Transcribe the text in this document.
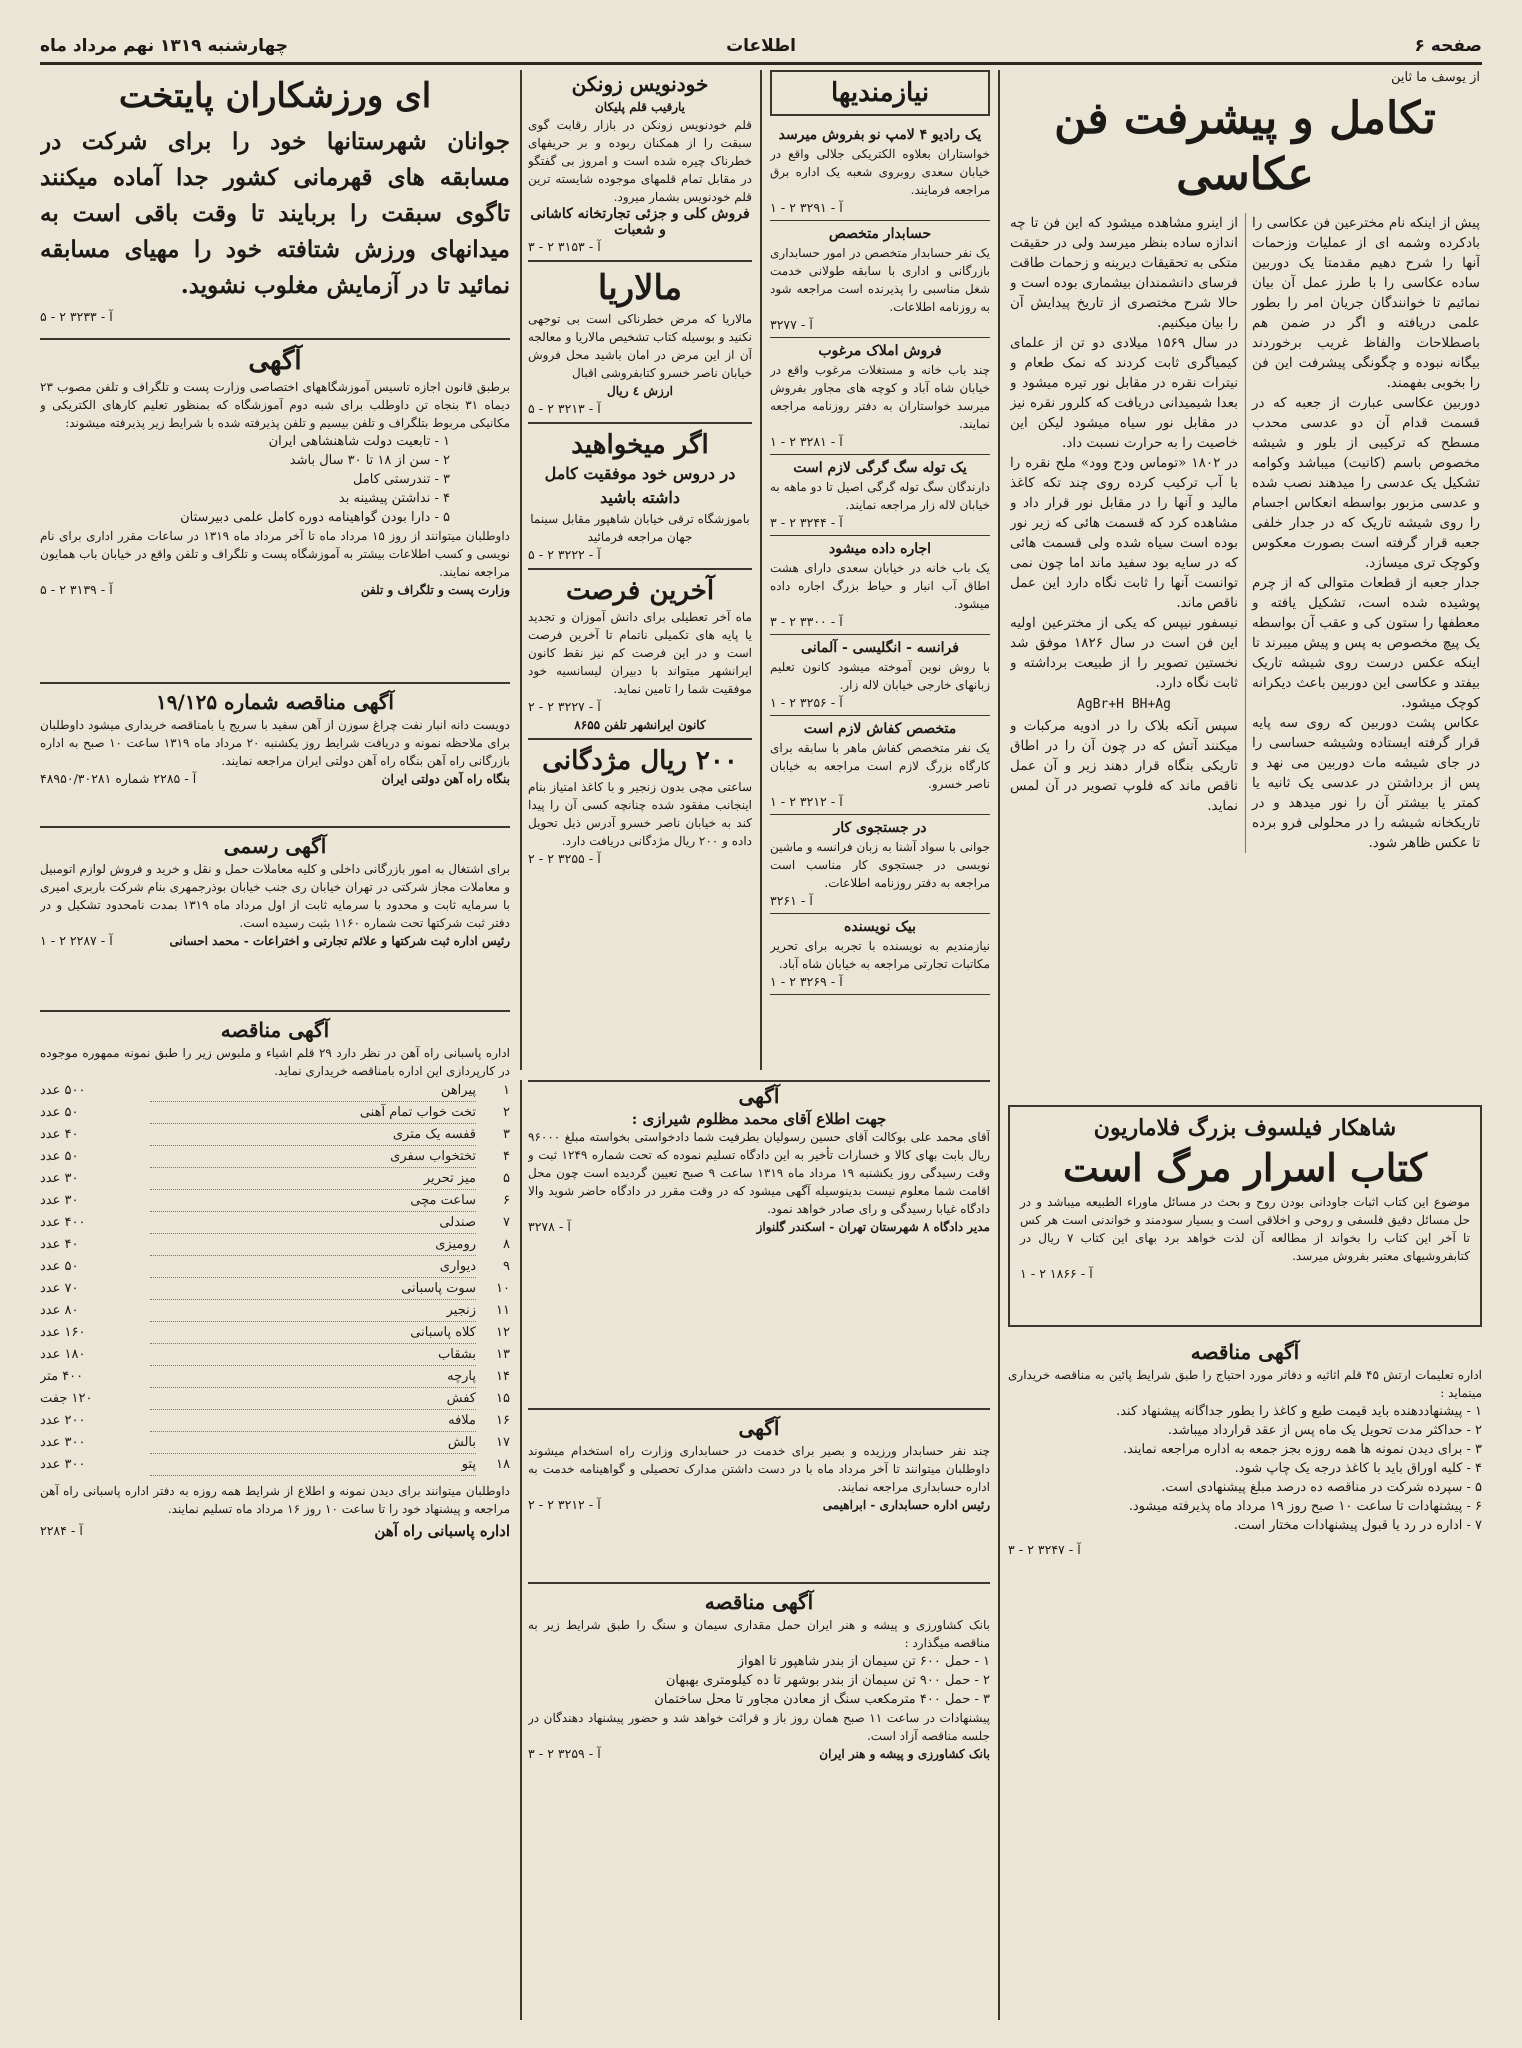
صفحه ۶
اطلاعات
چهارشنبه ۱۳۱۹ نهم مرداد ماه
از یوسف ما ثاین
تکامل و پیشرفت فن عکاسی

پیش از اینکه نام مخترعین فن عکاسی را بادکرده وشمه ای از عملیات وزحمات آنها را شرح دهیم مقدمتا یک دوربین ساده عکاسی را با طرز عمل آن بیان نمائیم تا خوانندگان جریان امر را بطور علمی دریافته و اگر در ضمن هم باصطلاحات والفاظ غریب برخوردند بیگانه نبوده و چگونگی پیشرفت این فن را بخوبی بفهمند.

دوربین عکاسی عبارت از جعبه که در قسمت قدام آن دو عدسی محدب مسطح که ترکیبی از بلور و شیشه مخصوص باسم (کانیت) میباشد وکوامه تشکیل یک عدسی را میدهند نصب شده و عدسی مزبور بواسطه انعکاس اجسام را روی شیشه تاریک که در جدار خلفی جعبه قرار گرفته است بصورت معکوس وکوچک تری میسازد.

جدار جعبه از قطعات متوالی که از چرم پوشیده شده است، تشکیل یافته و معطفها را ستون کی و عقب آن بواسطه یک پیچ مخصوص به پس و پیش میبرند تا اینکه عکس درست روی شیشه تاریک بیفتد و عکاسی این دوربین باعث دیکرانه کوچک میشود.

عکاس پشت دوربین که روی سه پایه قرار گرفته ایستاده وشیشه حساسی را در جای شیشه مات دوربین می نهد و پس از برداشتن در عدسی یک ثانیه یا کمتر یا بیشتر آن را نور میدهد و در تاریکخانه شیشه را در محلولی فرو برده تا عکس ظاهر شود.

از اینرو مشاهده میشود که این فن تا چه اندازه ساده بنظر میرسد ولی در حقیقت متکی به تحقیقات دیرینه و زحمات طاقت فرسای دانشمندان بیشماری بوده است و حالا شرح مختصری از تاریخ پیدایش آن را بیان میکنیم.

در سال ۱۵۶۹ میلادی دو تن از علمای کیمیاگری ثابت کردند که نمک طعام و نیترات نقره در مقابل نور تیره میشود و بعدا شیمیدانی دریافت که کلرور نقره نیز در مقابل نور سیاه میشود لیکن این خاصیت را به حرارت نسبت داد.

در ۱۸۰۲ «توماس ودج وود» ملح نقره را با آب ترکیب کرده روی چند تکه کاغذ مالید و آنها را در مقابل نور قرار داد و مشاهده کرد که قسمت هائی که زیر نور بوده است سیاه شده ولی قسمت هائی که در سایه بود سفید ماند اما چون نمی توانست آنها را ثابت نگاه دارد این عمل ناقص ماند.

نیسفور نیپس که یکی از مخترعین اولیه این فن است در سال ۱۸۲۶ موفق شد نخستین تصویر را از طبیعت برداشته و ثابت نگاه دارد.

AgBr+H BH+Ag

سپس آنکه بلاک را در ادویه مرکبات و میکنند آتش که در چون آن را در اطاق تاریکی بنگاه قرار دهند زیر و آن عمل ناقص ماند که فلوپ تصویر در آن لمس نماید.

نیازمندیها
یک رادیو ۴ لامپ نو بفروش میرسد

خواستاران بعلاوه الکتریکی جلالی واقع در خیابان سعدی روبروی شعبه یک اداره برق مراجعه فرمایند.

آ - ۳۲۹۱ ۲ - ۱
حسابدار متخصص

یک نفر حسابدار متخصص در امور حسابداری بازرگانی و اداری با سابقه طولانی خدمت شغل مناسبی را پذیرنده است مراجعه شود به روزنامه اطلاعات.

آ - ۳۲۷۷
فروش املاک مرغوب

چند باب خانه و مستغلات مرغوب واقع در خیابان شاه آباد و کوچه های مجاور بفروش میرسد خواستاران به دفتر روزنامه مراجعه نمایند.

آ - ۳۲۸۱ ۲ - ۱
یک توله سگ گرگی لازم است

دارندگان سگ توله گرگی اصیل تا دو ماهه به خیابان لاله زار مراجعه نمایند.

آ - ۳۲۴۴ ۲ - ۳
اجاره داده میشود

یک باب خانه در خیابان سعدی دارای هشت اطاق آب انبار و حیاط بزرگ اجاره داده میشود.

آ - ۳۳۰۰ ۲ - ۳
فرانسه - انگلیسی - آلمانی

با روش نوین آموخته میشود کانون تعلیم زبانهای خارجی خیابان لاله زار.

آ - ۳۲۵۶ ۲ - ۱
متخصص کفاش لازم است

یک نفر متخصص کفاش ماهر با سابقه برای کارگاه بزرگ لازم است مراجعه به خیابان ناصر خسرو.

آ - ۳۲۱۲ ۲ - ۱
در جستجوی کار

جوانی با سواد آشنا به زبان فرانسه و ماشین نویسی در جستجوی کار مناسب است مراجعه به دفتر روزنامه اطلاعات.

آ - ۳۲۶۱
بیک نویسنده

نیازمندیم به نویسنده با تجربه برای تحریر مکاتبات تجارتی مراجعه به خیابان شاه آباد.

آ - ۳۲۶۹ ۲ - ۱
خودنویس زونکن
یارقیب قلم پلیکان

قلم خودنویس زونکن در بازار رقابت گوی سبقت را از همکنان ربوده و بر حریفهای خطرناک چیره شده است و امروز بی گفتگو در مقابل تمام قلمهای موجوده شایسته ترین قلم خودنویس بشمار میرود.

فروش کلی و جزئی تجارتخانه کاشانی و شعبات
آ - ۳۱۵۳ ۲ - ۳
مالاریا

مالاریا که مرض خطرناکی است بی توجهی نکنید و بوسیله کتاب تشخیص مالاریا و معالجه آن از این مرض در امان باشید محل فروش خیابان ناصر خسرو کتابفروشی اقبال

ارزش ٤ ریال
آ - ۳۲۱۳ ۲ - ۵
اگر میخواهید
در دروس خود موفقیت کامل داشته باشید

باموزشگاه ترقی خیابان شاهپور مقابل سینما جهان مراجعه فرمائید

آ - ۳۲۲۲ ۲ - ۵
آخرین فرصت

ماه آخر تعطیلی برای دانش آموزان و تجدید یا پایه های تکمیلی ناتمام تا آخرین فرصت است و در این فرصت کم نیز نقط کانون ایرانشهر میتواند با دبیران لیسانسیه خود موفقیت شما را تامین نماید.

آ - ۳۲۲۷ ۲ - ۲
کانون ایرانشهر تلفن ۸۶۵۵
۲۰۰ ریال مژدگانی

ساعتی مچی بدون زنجیر و با کاغذ امتیاز بنام اینجانب مفقود شده چنانچه کسی آن را پیدا کند به خیابان ناصر خسرو آدرس ذیل تحویل داده و ۲۰۰ ریال مژدگانی دریافت دارد.

آ - ۳۲۵۵ ۲ - ۲
ای ورزشکاران پایتخت

جوانان شهرستانها خود را برای شرکت در مسابقه های قهرمانی کشور جدا آماده میکنند تاگوی سبقت را بربایند تا وقت باقی است به میدانهای ورزش شتافته خود را مهیای مسابقه نمائید تا در آزمایش مغلوب نشوید.

آ - ۳۲۳۳ ۲ - ۵
آگهی

برطبق قانون اجازه تاسیس آموزشگاههای اختصاصی وزارت پست و تلگراف و تلفن مصوب ۲۳ دیماه ۳۱ بنجاه تن داوطلب برای شبه دوم آموزشگاه که بمنظور تعلیم کارهای الکتریکی و مکانیکی مربوط بتلگراف و تلفن بیسیم و تلفن پذیرفته شده با شرایط زیر پذیرفته میشوند:

۱ - تابعیت دولت شاهنشاهی ایران
۲ - سن از ۱۸ تا ۳۰ سال باشد
۳ - تندرستی کامل
۴ - نداشتن پیشینه بد
۵ - دارا بودن گواهینامه دوره کامل علمی دبیرستان

داوطلبان میتوانند از روز ۱۵ مرداد ماه تا آخر مرداد ماه ۱۳۱۹ در ساعات مقرر اداری برای نام نویسی و کسب اطلاعات بیشتر به آموزشگاه پست و تلگراف و تلفن واقع در خیابان باب همایون مراجعه نمایند.

وزارت پست و تلگراف و تلفن
آ - ۳۱۳۹ ۲ - ۵
آگهی مناقصه شماره ۱۹/۱۲۵

دویست دانه انبار نفت چراغ سوزن از آهن سفید با سریج یا بامناقصه خریداری میشود داوطلبان برای ملاحظه نمونه و دریافت شرایط روز یکشنبه ۲۰ مرداد ماه ۱۳۱۹ ساعت ۱۰ صبح به اداره بازرگانی راه آهن بنگاه راه آهن دولتی ایران مراجعه نمایند.

بنگاه راه آهن دولتی ایران
آ - ۲۲۸۵ شماره ۴۸۹۵۰/۳۰۲۸۱
آگهی رسمی

برای اشتغال به امور بازرگانی داخلی و کلیه معاملات حمل و نقل و خرید و فروش لوازم اتومبیل و معاملات مجاز شرکتی در تهران خیابان ری جنب خیابان بوذرجمهری بنام شرکت باربری امیری با سرمایه ثابت و محدود با سرمایه ثابت از اول مرداد ماه ۱۳۱۹ بمدت نامحدود تشکیل و در دفتر ثبت شرکتها تحت شماره ۱۱۶۰ بثبت رسیده است.

رئیس اداره ثبت شرکتها و علائم تجارتی و اختراعات - محمد احسانی
آ - ۲۲۸۷ ۲ - ۱
آگهی مناقصه

اداره پاسبانی راه آهن در نظر دارد ۲۹ قلم اشیاء و ملبوس زیر را طبق نمونه ممهوره موجوده در کارپردازی این اداره بامناقصه خریداری نماید.

۱
پیراهن
۵۰۰ عدد
۲
تخت خواب تمام آهنی
۵۰ عدد
۳
قفسه یک متری
۴۰ عدد
۴
تختخواب سفری
۵۰ عدد
۵
میز تحریر
۳۰ عدد
۶
ساعت مچی
۳۰ عدد
۷
صندلی
۴۰۰ عدد
۸
رومیزی
۴۰ عدد
۹
دیواری
۵۰ عدد
۱۰
سوت پاسبانی
۷۰ عدد
۱۱
زنجیر
۸۰ عدد
۱۲
کلاه پاسبانی
۱۶۰ عدد
۱۳
بشقاب
۱۸۰ عدد
۱۴
پارچه
۴۰۰ متر
۱۵
کفش
۱۲۰ جفت
۱۶
ملافه
۲۰۰ عدد
۱۷
بالش
۳۰۰ عدد
۱۸
پتو
۳۰۰ عدد

داوطلبان میتوانند برای دیدن نمونه و اطلاع از شرایط همه روزه به دفتر اداره پاسبانی راه آهن مراجعه و پیشنهاد خود را تا ساعت ۱۰ روز ۱۶ مرداد ماه تسلیم نمایند.

اداره پاسبانی راه آهن
آ - ۲۲۸۴
آگهی
جهت اطلاع آقای محمد مظلوم شیرازی :

آقای محمد علی بوکالت آقای حسین رسولیان بطرفیت شما دادخواستی بخواسته مبلغ ۹۶۰۰۰ ریال بابت بهای کالا و خسارات تأخیر به این دادگاه تسلیم نموده که تحت شماره ۱۲۴۹ ثبت و وقت رسیدگی روز یکشنبه ۱۹ مرداد ماه ۱۳۱۹ ساعت ۹ صبح تعیین گردیده است چون محل اقامت شما معلوم نیست بدینوسیله آگهی میشود که در وقت مقرر در دادگاه حاضر شوید والا دادگاه غیابا رسیدگی و رای صادر خواهد نمود.

مدیر دادگاه ۸ شهرستان تهران - اسکندر گلنواز
آ - ۳۲۷۸
آگهی

چند نفر حسابدار ورزیده و بصیر برای خدمت در حسابداری وزارت راه استخدام میشوند داوطلبان میتوانند تا آخر مرداد ماه با در دست داشتن مدارک تحصیلی و گواهینامه خدمت به اداره حسابداری مراجعه نمایند.

رئیس اداره حسابداری - ابراهیمی
آ - ۳۲۱۲ ۲ - ۲
آگهی مناقصه

بانک کشاورزی و پیشه و هنر ایران حمل مقداری سیمان و سنگ را طبق شرایط زیر به مناقصه میگذارد :

۱ - حمل ۶۰۰ تن سیمان از بندر شاهپور تا اهواز
۲ - حمل ۹۰۰ تن سیمان از بندر بوشهر تا ده کیلومتری بهبهان
۳ - حمل ۴۰۰ مترمکعب سنگ از معادن مجاور تا محل ساختمان

پیشنهادات در ساعت ۱۱ صبح همان روز باز و قرائت خواهد شد و حضور پیشنهاد دهندگان در جلسه مناقصه آزاد است.

بانک کشاورزی و پیشه و هنر ایران
آ - ۳۲۵۹ ۲ - ۳
شاهکار فیلسوف بزرگ فلاماریون
کتاب اسرار مرگ است

موضوع این کتاب اثبات جاودانی بودن روح و بحث در مسائل ماوراء الطبیعه میباشد و در حل مسائل دقیق فلسفی و روحی و اخلاقی است و بسیار سودمند و خواندنی است هر کس تا آخر این کتاب را بخواند از مطالعه آن لذت خواهد برد بهای این کتاب ۷ ریال در کتابفروشیهای معتبر بفروش میرسد.

آ - ۱۸۶۶ ۲ - ۱
آگهی مناقصه

اداره تعلیمات ارتش ۴۵ قلم اثاثیه و دفاتر مورد احتیاج را طبق شرایط پائین به مناقصه خریداری مینماید :

۱ - پیشنهاددهنده باید قیمت طبع و کاغذ را بطور جداگانه پیشنهاد کند.
۲ - حداکثر مدت تحویل یک ماه پس از عقد قرارداد میباشد.
۳ - برای دیدن نمونه ها همه روزه بجز جمعه به اداره مراجعه نمایند.
۴ - کلیه اوراق باید با کاغذ درجه یک چاپ شود.
۵ - سپرده شرکت در مناقصه ده درصد مبلغ پیشنهادی است.
۶ - پیشنهادات تا ساعت ۱۰ صبح روز ۱۹ مرداد ماه پذیرفته میشود.
۷ - اداره در رد یا قبول پیشنهادات مختار است.
آ - ۳۲۴۷ ۲ - ۳
